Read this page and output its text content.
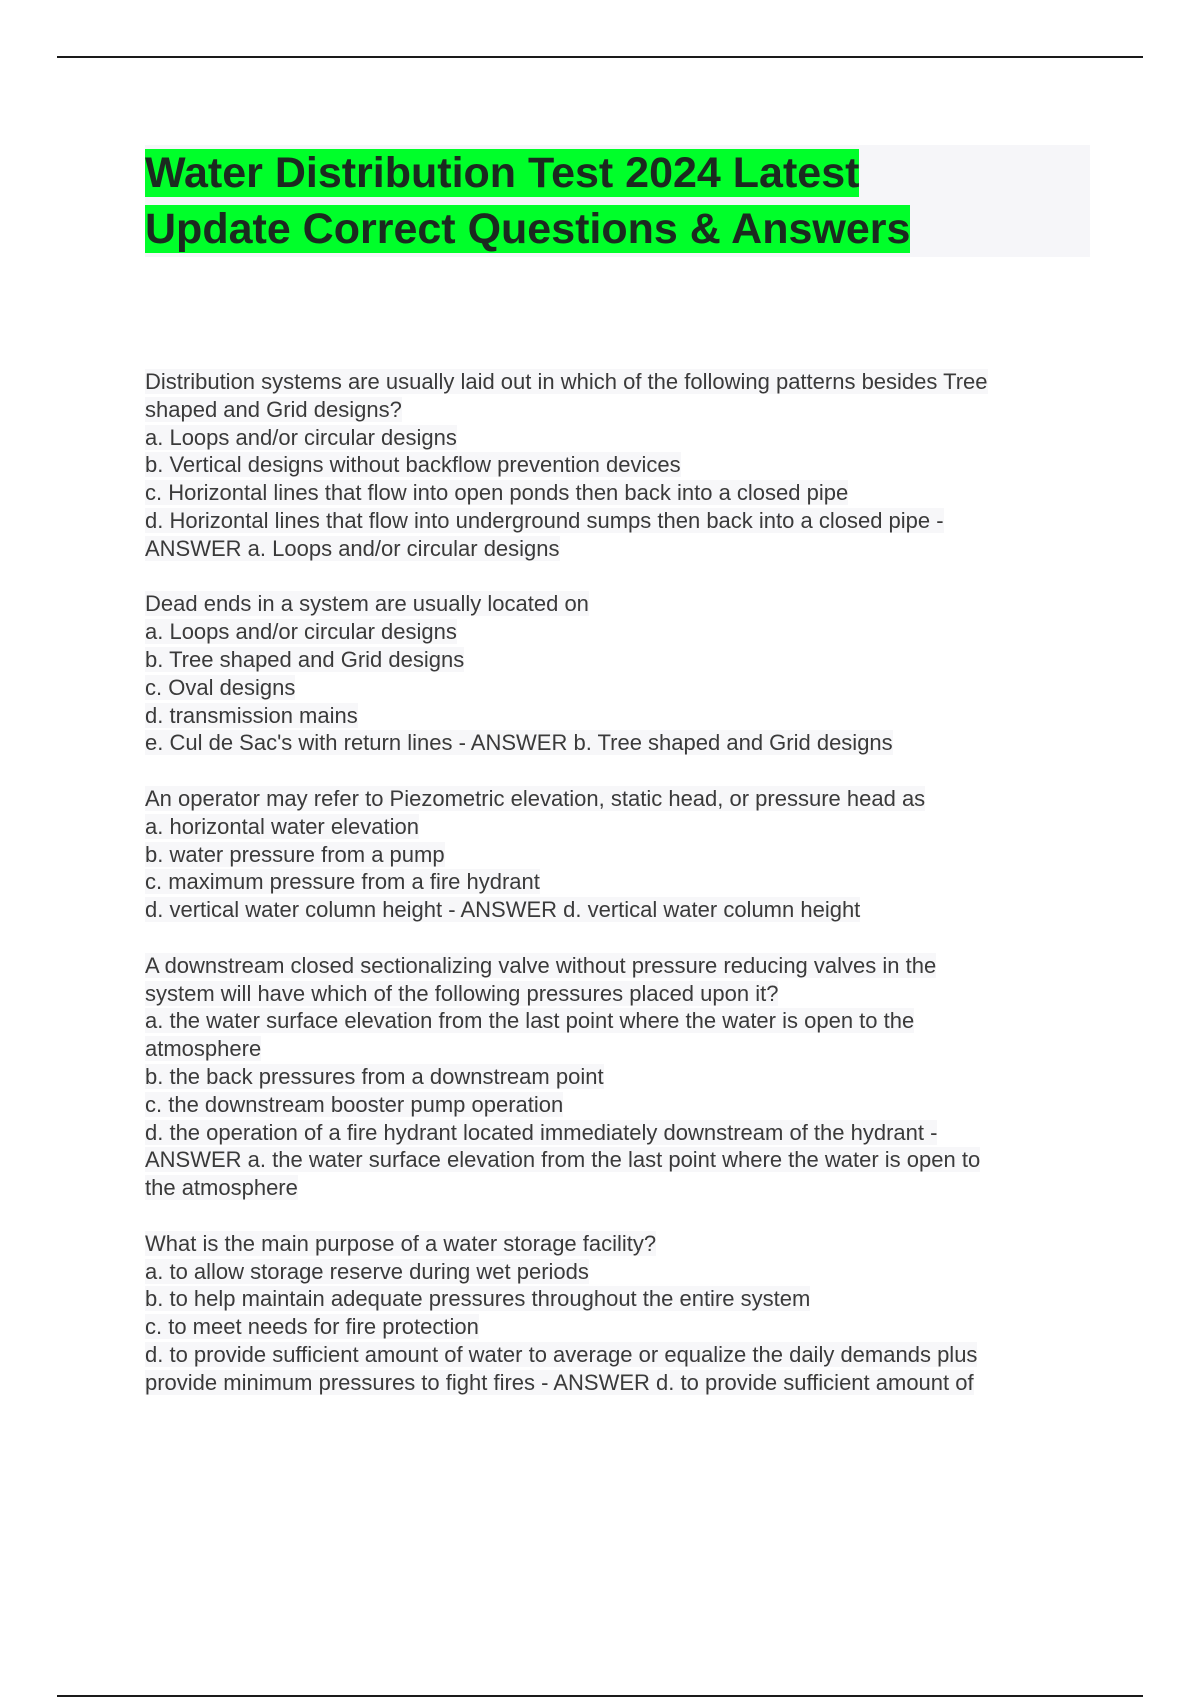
Water Distribution Test 2024 Latest
Update Correct Questions & Answers
Distribution systems are usually laid out in which of the following patterns besides Tree
shaped and Grid designs?
a. Loops and/or circular designs
b. Vertical designs without backflow prevention devices
c. Horizontal lines that flow into open ponds then back into a closed pipe
d. Horizontal lines that flow into underground sumps then back into a closed pipe -
ANSWER a. Loops and/or circular designs
Dead ends in a system are usually located on
a. Loops and/or circular designs
b. Tree shaped and Grid designs
c. Oval designs
d. transmission mains
e. Cul de Sac's with return lines - ANSWER b. Tree shaped and Grid designs
An operator may refer to Piezometric elevation, static head, or pressure head as
a. horizontal water elevation
b. water pressure from a pump
c. maximum pressure from a fire hydrant
d. vertical water column height - ANSWER d. vertical water column height
A downstream closed sectionalizing valve without pressure reducing valves in the
system will have which of the following pressures placed upon it?
a. the water surface elevation from the last point where the water is open to the
atmosphere
b. the back pressures from a downstream point
c. the downstream booster pump operation
d. the operation of a fire hydrant located immediately downstream of the hydrant -
ANSWER a. the water surface elevation from the last point where the water is open to
the atmosphere
What is the main purpose of a water storage facility?
a. to allow storage reserve during wet periods
b. to help maintain adequate pressures throughout the entire system
c. to meet needs for fire protection
d. to provide sufficient amount of water to average or equalize the daily demands plus
provide minimum pressures to fight fires - ANSWER d. to provide sufficient amount of
